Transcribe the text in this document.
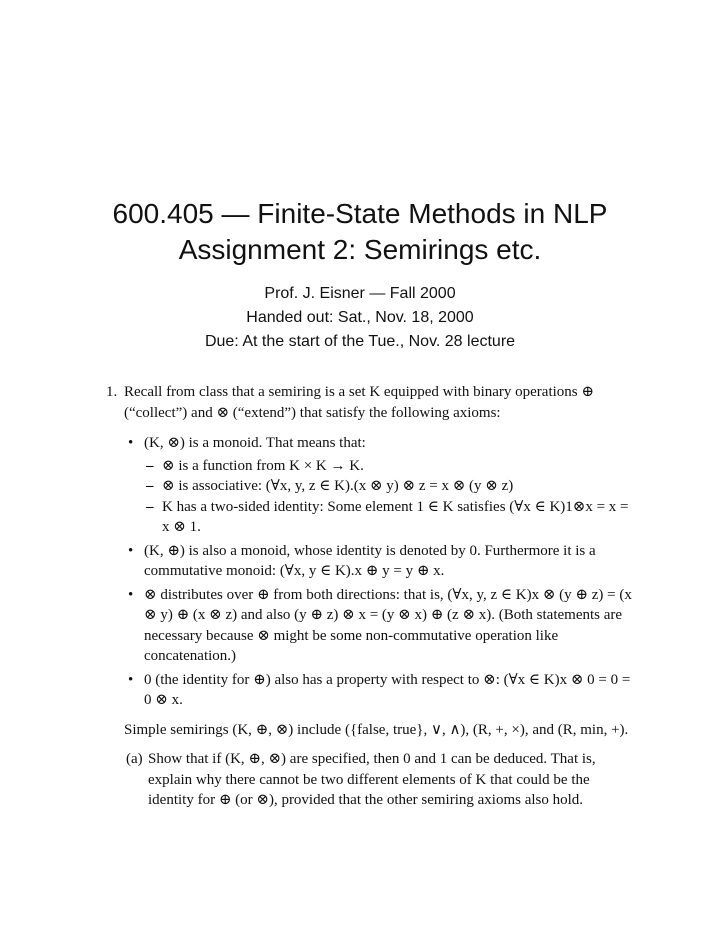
600.405 — Finite-State Methods in NLP
Assignment 2: Semirings etc.
Prof. J. Eisner — Fall 2000
Handed out: Sat., Nov. 18, 2000
Due: At the start of the Tue., Nov. 28 lecture
1. Recall from class that a semiring is a set K equipped with binary operations ⊕ (“collect”) and ⊗ (“extend”) that satisfy the following axioms:
• (K, ⊗) is a monoid. That means that:
– ⊗ is a function from K × K → K.
– ⊗ is associative: (∀x, y, z ∈ K).(x ⊗ y) ⊗ z = x ⊗ (y ⊗ z)
– K has a two-sided identity: Some element 1 ∈ K satisfies (∀x ∈ K)1⊗x = x = x ⊗ 1.
• (K, ⊕) is also a monoid, whose identity is denoted by 0. Furthermore it is a commutative monoid: (∀x, y ∈ K).x ⊕ y = y ⊕ x.
• ⊗ distributes over ⊕ from both directions: that is, (∀x, y, z ∈ K)x ⊗ (y ⊕ z) = (x ⊗ y) ⊕ (x ⊗ z) and also (y ⊕ z) ⊗ x = (y ⊗ x) ⊕ (z ⊗ x). (Both statements are necessary because ⊗ might be some non-commutative operation like concatenation.)
• 0 (the identity for ⊕) also has a property with respect to ⊗: (∀x ∈ K)x ⊗ 0 = 0 = 0 ⊗ x.
Simple semirings (K, ⊕, ⊗) include ({false, true}, ∨, ∧), (R, +, ×), and (R, min, +).
(a) Show that if (K, ⊕, ⊗) are specified, then 0 and 1 can be deduced. That is, explain why there cannot be two different elements of K that could be the identity for ⊕ (or ⊗), provided that the other semiring axioms also hold.
